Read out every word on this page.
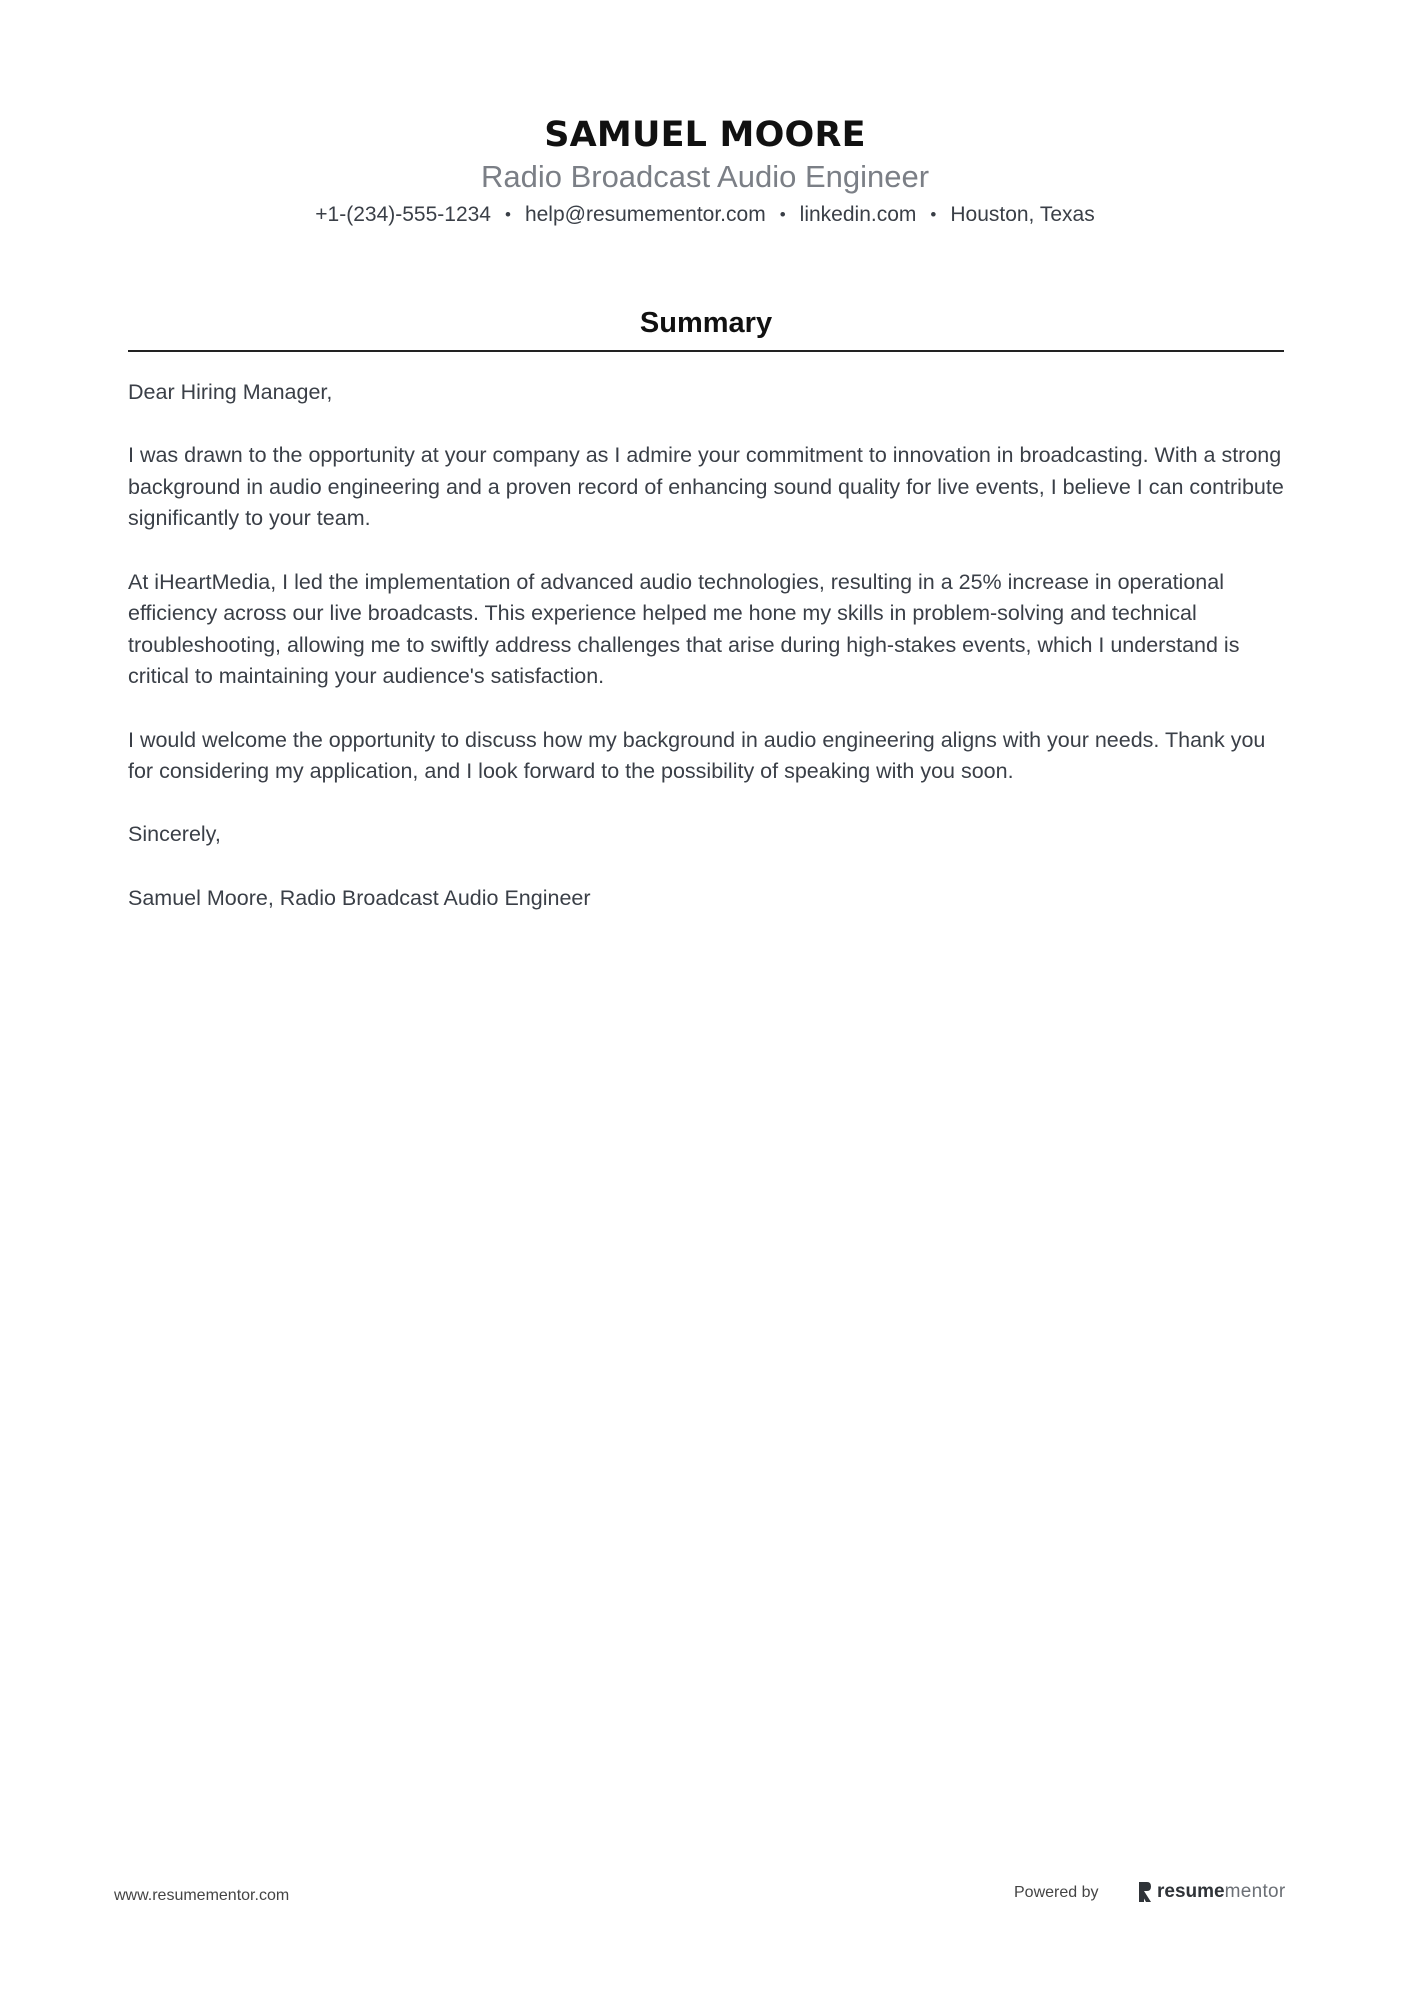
SAMUEL MOORE
Radio Broadcast Audio Engineer
+1-(234)-555-1234 • help@resumementor.com • linkedin.com • Houston, Texas
Summary

Dear Hiring Manager,

I was drawn to the opportunity at your company as I admire your commitment to innovation in broadcasting. With a strong background in audio engineering and a proven record of enhancing sound quality for live events, I believe I can contribute significantly to your team.

At iHeartMedia, I led the implementation of advanced audio technologies, resulting in a 25% increase in operational efficiency across our live broadcasts. This experience helped me hone my skills in problem-solving and technical troubleshooting, allowing me to swiftly address challenges that arise during high-stakes events, which I understand is critical to maintaining your audience's satisfaction.

I would welcome the opportunity to discuss how my background in audio engineering aligns with your needs. Thank you for considering my application, and I look forward to the possibility of speaking with you soon.

Sincerely,

Samuel Moore, Radio Broadcast Audio Engineer

www.resumementor.com	Powered by	resume mentor
